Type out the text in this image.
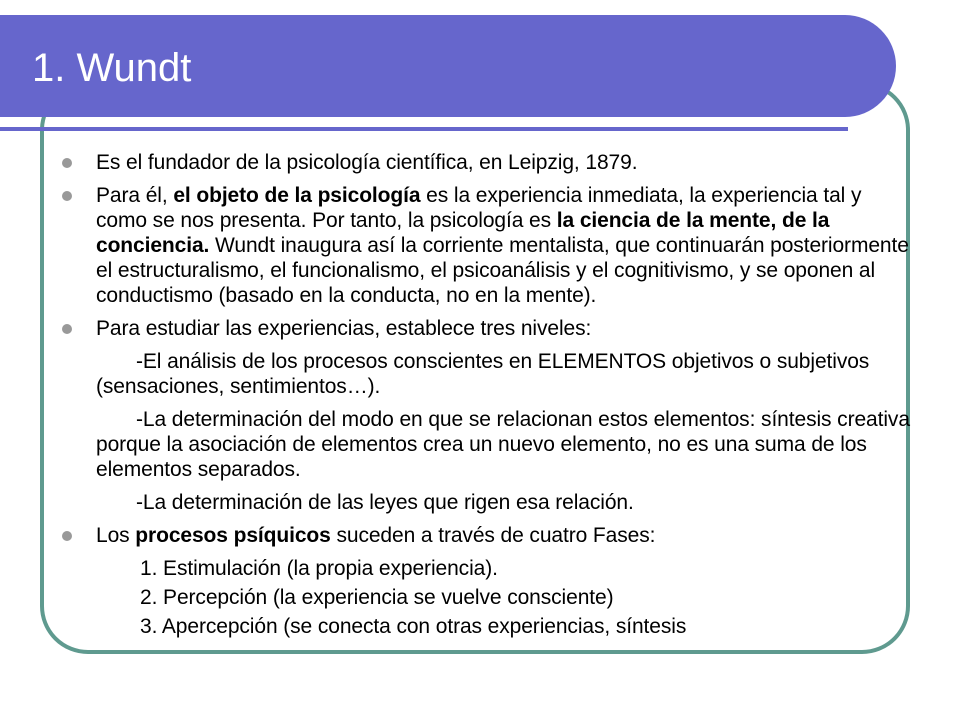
1. Wundt
Es el fundador de la psicología científica, en Leipzig, 1879.
Para él, el objeto de la psicología es la experiencia inmediata, la experiencia tal y como se nos presenta. Por tanto, la psicología es la ciencia de la mente, de la conciencia. Wundt inaugura así la corriente mentalista, que continuarán posteriormente el estructuralismo, el funcionalismo, el psicoanálisis y el cognitivismo, y se oponen al conductismo (basado en la conducta, no en la mente).
Para estudiar las experiencias, establece tres niveles:
-El análisis de los procesos conscientes en ELEMENTOS objetivos o subjetivos (sensaciones, sentimientos…).
-La determinación del modo en que se relacionan estos elementos: síntesis creativa porque la asociación de elementos crea un nuevo elemento, no es una suma de los elementos separados.
-La determinación de las leyes que rigen esa relación.
Los procesos psíquicos suceden a través de cuatro Fases:
1. Estimulación (la propia experiencia).
2. Percepción (la experiencia se vuelve consciente)
3. Apercepción (se conecta con otras experiencias, síntesis
